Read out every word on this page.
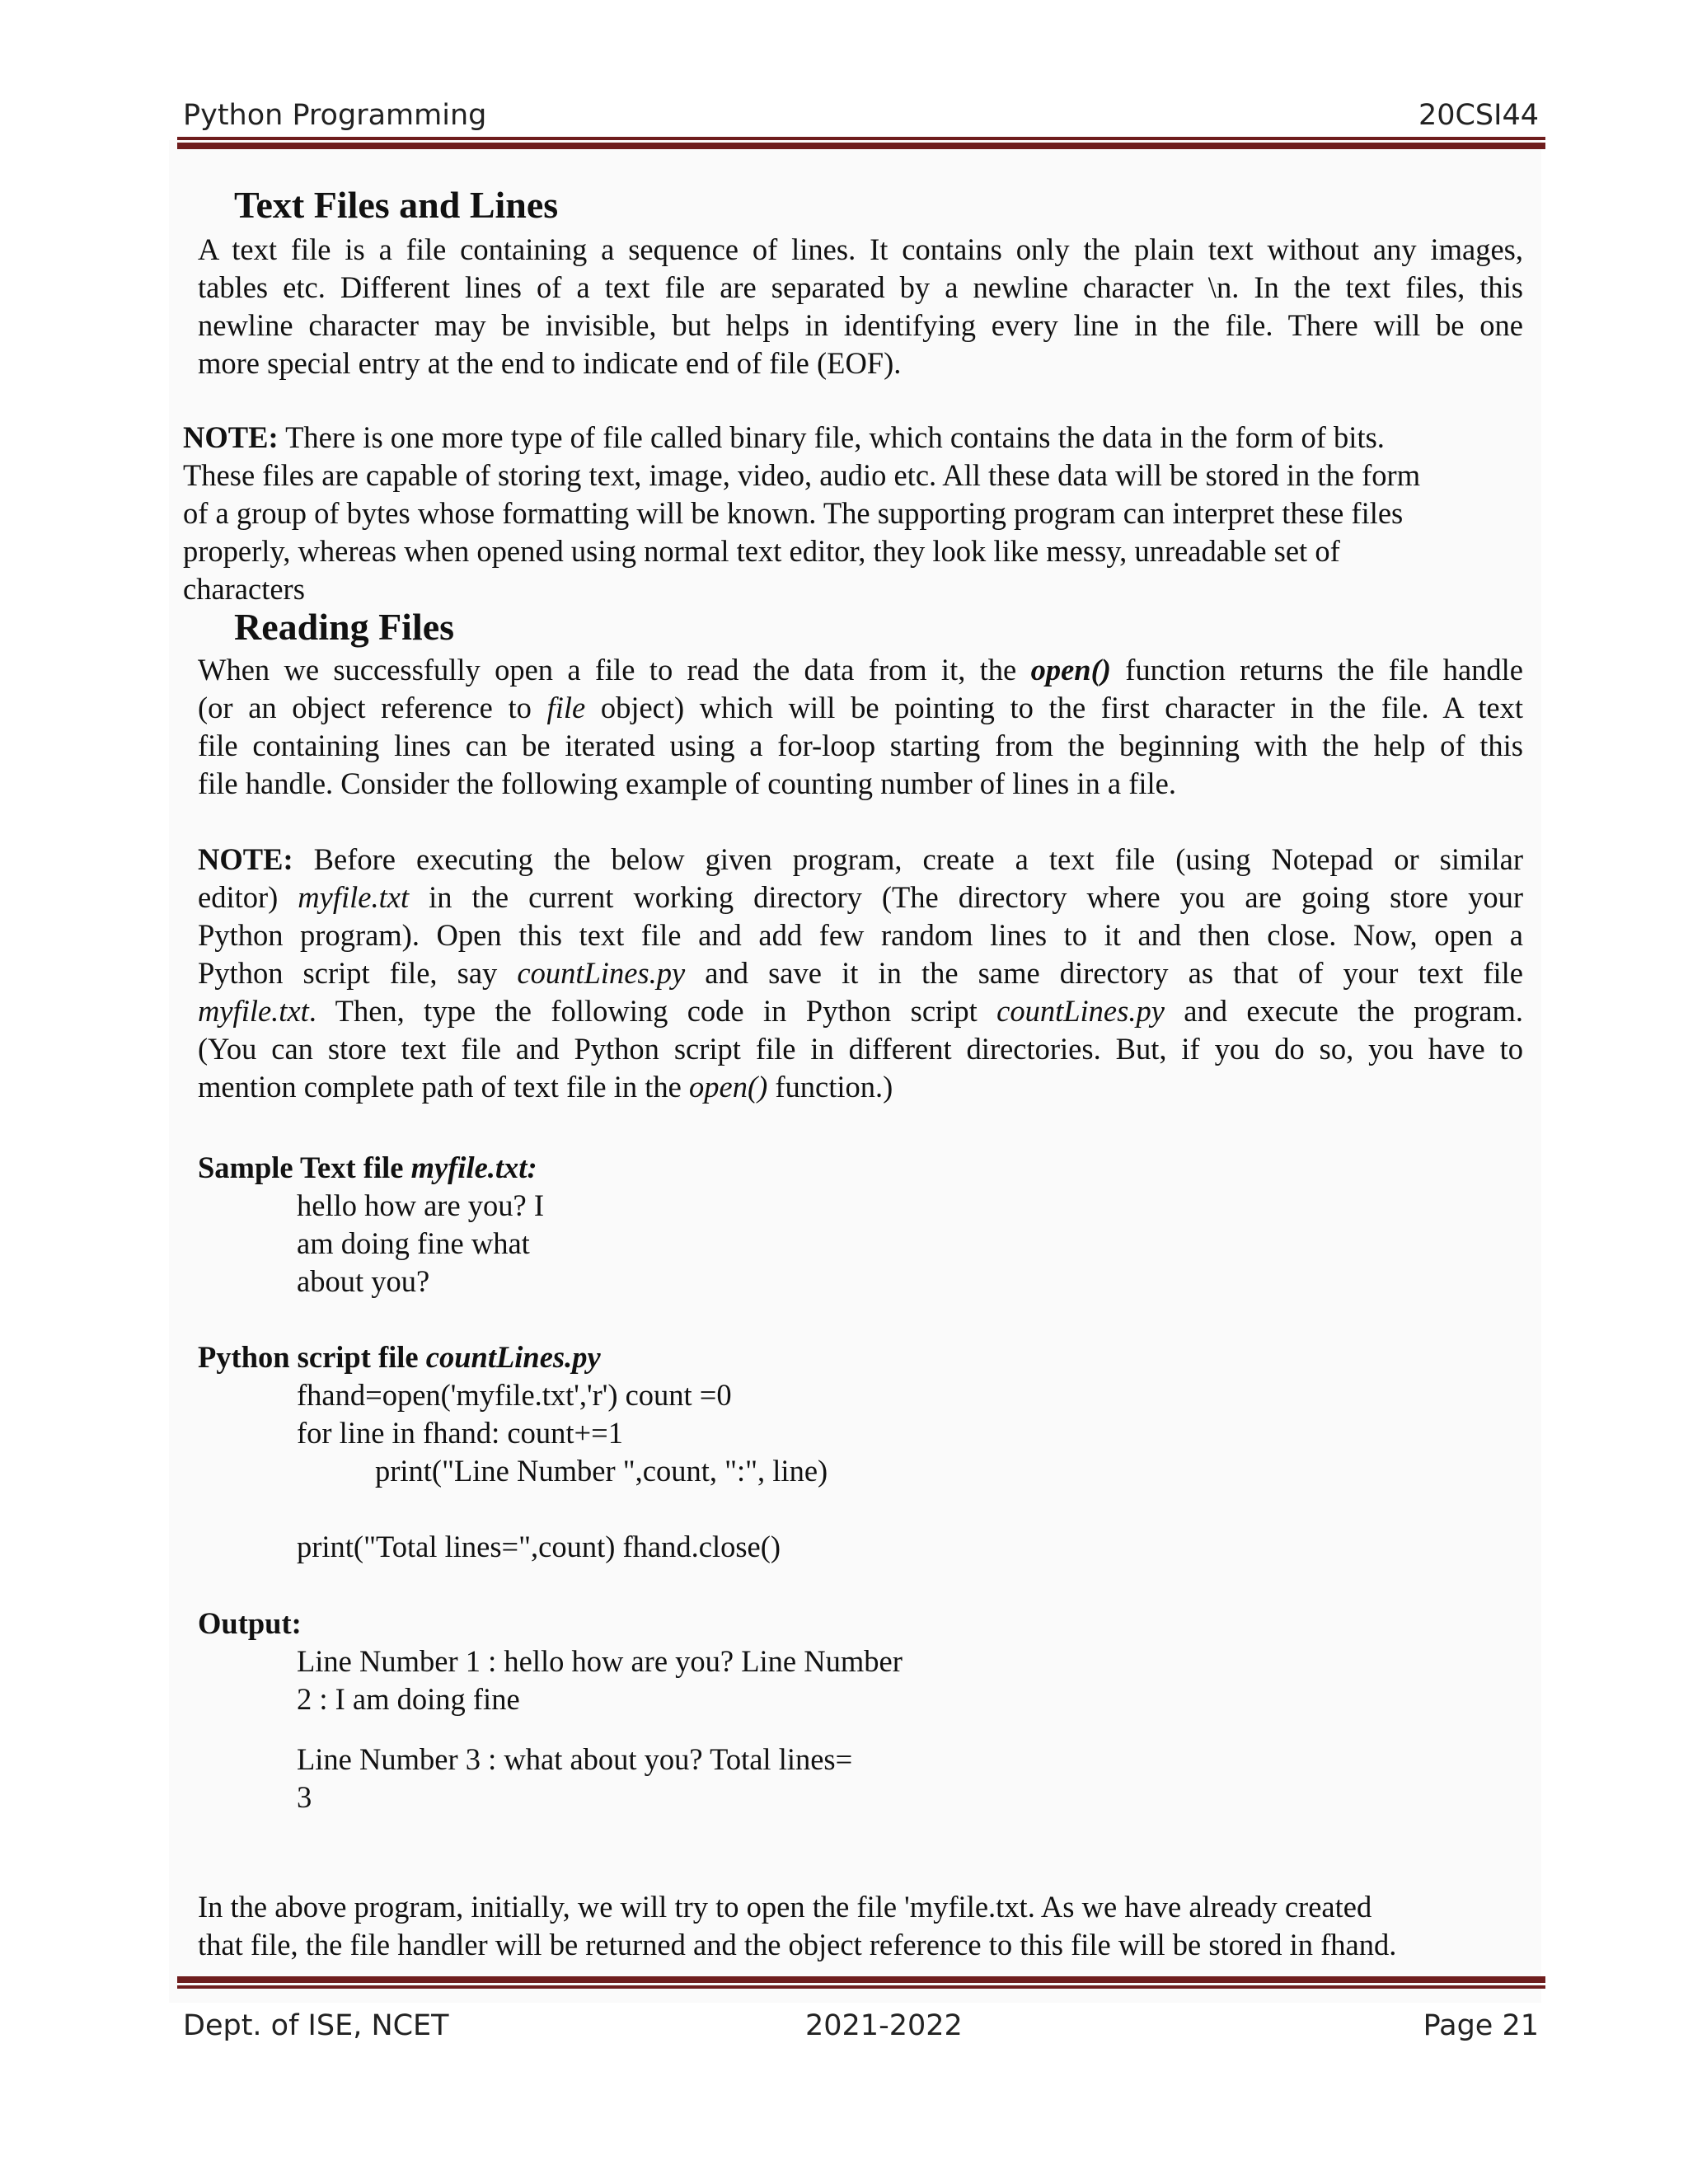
Python Programming	20CSI44
Text Files and Lines
A text file is a file containing a sequence of lines. It contains only the plain text without any images,
tables etc. Different lines of a text file are separated by a newline character \n. In the text files, this
newline character may be invisible, but helps in identifying every line in the file. There will be one
more special entry at the end to indicate end of file (EOF).
NOTE: There is one more type of file called binary file, which contains the data in the form of bits.
These files are capable of storing text, image, video, audio etc. All these data will be stored in the form
of a group of bytes whose formatting will be known. The supporting program can interpret these files
properly, whereas when opened using normal text editor, they look like messy, unreadable set of
characters
Reading Files
When we successfully open a file to read the data from it, the open() function returns the file handle
(or an object reference to file object) which will be pointing to the first character in the file. A text
file containing lines can be iterated using a for-loop starting from the beginning with the help of this
file handle. Consider the following example of counting number of lines in a file.
NOTE: Before executing the below given program, create a text file (using Notepad or similar
editor) myfile.txt in the current working directory (The directory where you are going store your
Python program). Open this text file and add few random lines to it and then close. Now, open a
Python script file, say countLines.py and save it in the same directory as that of your text file
myfile.txt. Then, type the following code in Python script countLines.py and execute the program.
(You can store text file and Python script file in different directories. But, if you do so, you have to
mention complete path of text file in the open() function.)
Sample Text file myfile.txt:
hello how are you? I
am doing fine what
about you?
Python script file countLines.py
fhand=open('myfile.txt','r') count =0
for line in fhand: count+=1
print("Line Number ",count, ":", line)
print("Total lines=",count) fhand.close()
Output:
Line Number 1 : hello how are you? Line Number
2 : I am doing fine
Line Number 3 : what about you? Total lines=
3
In the above program, initially, we will try to open the file 'myfile.txt. As we have already created
that file, the file handler will be returned and the object reference to this file will be stored in fhand.
Dept. of ISE, NCET	2021-2022	Page 21
